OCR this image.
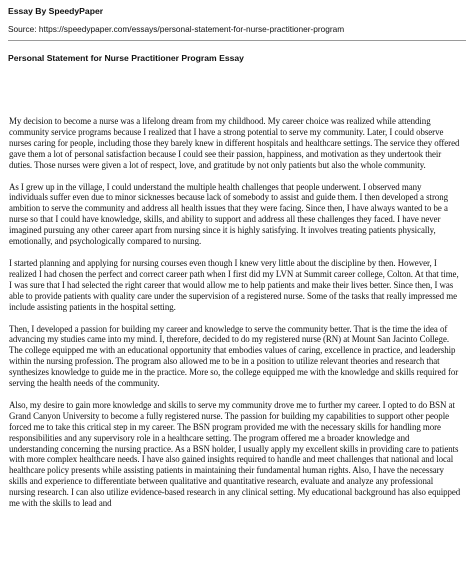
Essay By SpeedyPaper
Source: https://speedypaper.com/essays/personal-statement-for-nurse-practitioner-program
Personal Statement for Nurse Practitioner Program Essay

My decision to become a nurse was a lifelong dream from my childhood. My career choice was realized while attending community service programs because I realized that I have a strong potential to serve my community. Later, I could observe nurses caring for people, including those they barely knew in different hospitals and healthcare settings. The service they offered gave them a lot of personal satisfaction because I could see their passion, happiness, and motivation as they undertook their duties. Those nurses were given a lot of respect, love, and gratitude by not only patients but also the whole community.

As I grew up in the village, I could understand the multiple health challenges that people underwent. I observed many individuals suffer even due to minor sicknesses because lack of somebody to assist and guide them. I then developed a strong ambition to serve the community and address all health issues that they were facing. Since then, I have always wanted to be a nurse so that I could have knowledge, skills, and ability to support and address all these challenges they faced. I have never imagined pursuing any other career apart from nursing since it is highly satisfying. It involves treating patients physically, emotionally, and psychologically compared to nursing.

I started planning and applying for nursing courses even though I knew very little about the discipline by then. However, I realized I had chosen the perfect and correct career path when I first did my LVN at Summit career college, Colton. At that time, I was sure that I had selected the right career that would allow me to help patients and make their lives better. Since then, I was able to provide patients with quality care under the supervision of a registered nurse. Some of the tasks that really impressed me include assisting patients in the hospital setting.

Then, I developed a passion for building my career and knowledge to serve the community better. That is the time the idea of advancing my studies came into my mind. I, therefore, decided to do my registered nurse (RN) at Mount San Jacinto College. The college equipped me with an educational opportunity that embodies values of caring, excellence in practice, and leadership within the nursing profession. The program also allowed me to be in a position to utilize relevant theories and research that synthesizes knowledge to guide me in the practice. More so, the college equipped me with the knowledge and skills required for serving the health needs of the community.

Also, my desire to gain more knowledge and skills to serve my community drove me to further my career. I opted to do BSN at Grand Canyon University to become a fully registered nurse. The passion for building my capabilities to support other people forced me to take this critical step in my career. The BSN program provided me with the necessary skills for handling more responsibilities and any supervisory role in a healthcare setting. The program offered me a broader knowledge and understanding concerning the nursing practice. As a BSN holder, I usually apply my excellent skills in providing care to patients with more complex healthcare needs. I have also gained insights required to handle and meet challenges that national and local healthcare policy presents while assisting patients in maintaining their fundamental human rights. Also, I have the necessary skills and experience to differentiate between qualitative and quantitative research, evaluate and analyze any professional nursing research. I can also utilize evidence-based research in any clinical setting. My educational background has also equipped me with the skills to lead and
